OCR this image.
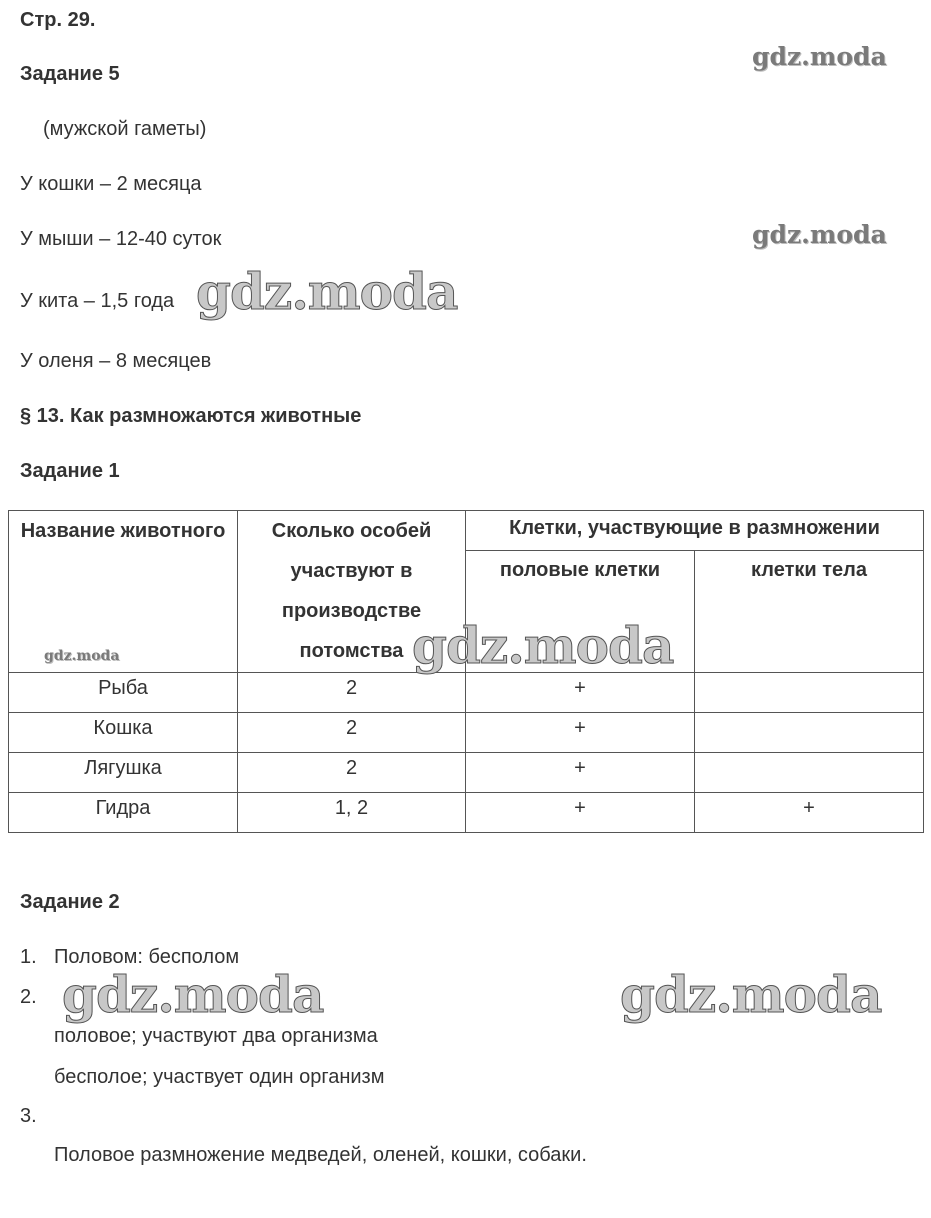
Стр. 29.
Задание 5
(мужской гаметы)
У кошки – 2 месяца
У мыши – 12-40 суток
У кита – 1,5 года
У оленя – 8 месяцев
§ 13. Как размножаются животные
Задание 1
Название животного	Сколько особей участвуют в производстве потомства	Клетки, участвующие в размножении	
		половые клетки	клетки тела
Рыба	2	+	
Кошка	2	+	
Лягушка	2	+	
Гидра	1, 2	+	+
Задание 2
1. Половом: бесполом
2.
половое; участвуют два организма
бесполое; участвует один организм
3.
Половое размножение медведей, оленей, кошки, собаки.
gdz.moda
gdz.moda
gdz.moda
gdz.moda	gdz.moda
gdz.moda	gdz.moda
